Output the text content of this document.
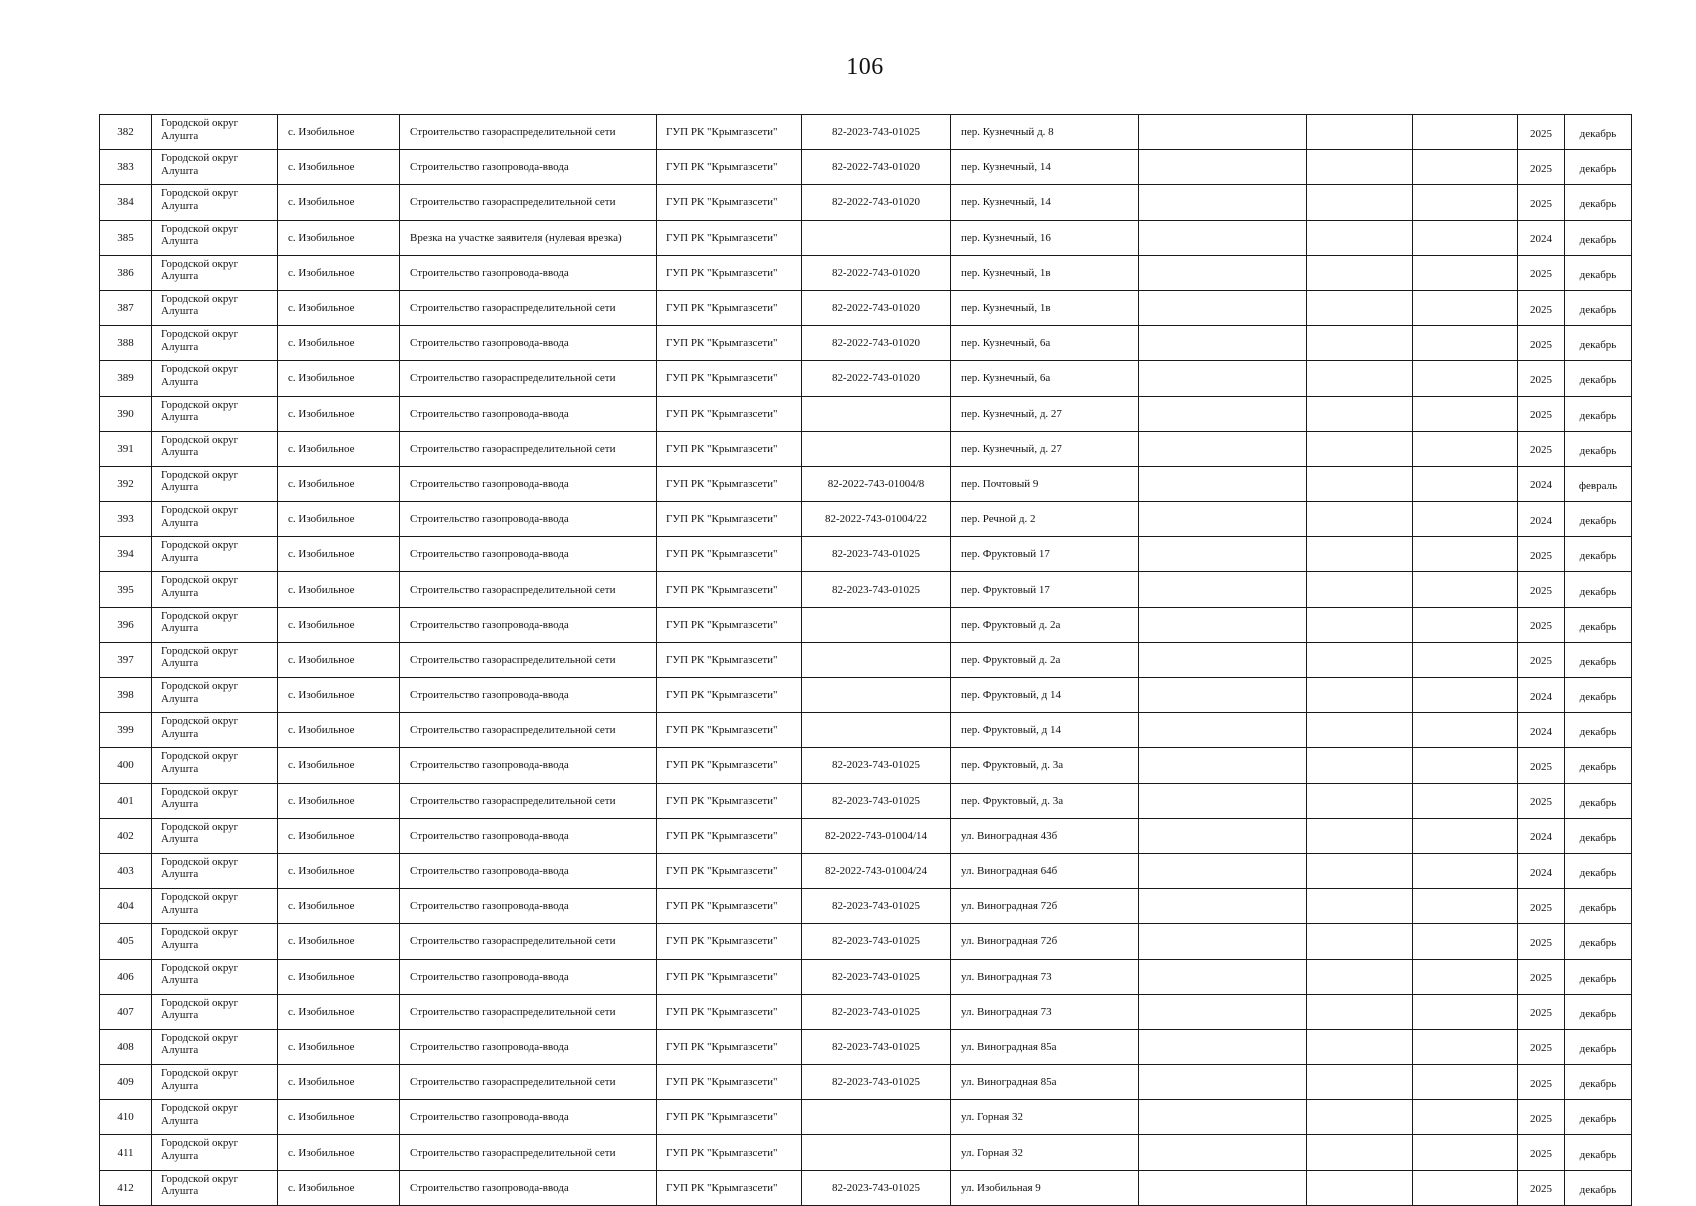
106
382	Городской округ Алушта	с. Изобильное	Строительство газораспределительной сети	ГУП РК "Крымгазсети"	82-2023-743-01025	пер. Кузнечный д. 8				2025	декабрь
383	Городской округ Алушта	с. Изобильное	Строительство газопровода-ввода	ГУП РК "Крымгазсети"	82-2022-743-01020	пер. Кузнечный, 14				2025	декабрь
384	Городской округ Алушта	с. Изобильное	Строительство газораспределительной сети	ГУП РК "Крымгазсети"	82-2022-743-01020	пер. Кузнечный, 14				2025	декабрь
385	Городской округ Алушта	с. Изобильное	Врезка на участке заявителя (нулевая врезка)	ГУП РК "Крымгазсети"		пер. Кузнечный, 16				2024	декабрь
386	Городской округ Алушта	с. Изобильное	Строительство газопровода-ввода	ГУП РК "Крымгазсети"	82-2022-743-01020	пер. Кузнечный, 1в				2025	декабрь
387	Городской округ Алушта	с. Изобильное	Строительство газораспределительной сети	ГУП РК "Крымгазсети"	82-2022-743-01020	пер. Кузнечный, 1в				2025	декабрь
388	Городской округ Алушта	с. Изобильное	Строительство газопровода-ввода	ГУП РК "Крымгазсети"	82-2022-743-01020	пер. Кузнечный, 6а				2025	декабрь
389	Городской округ Алушта	с. Изобильное	Строительство газораспределительной сети	ГУП РК "Крымгазсети"	82-2022-743-01020	пер. Кузнечный, 6а				2025	декабрь
390	Городской округ Алушта	с. Изобильное	Строительство газопровода-ввода	ГУП РК "Крымгазсети"		пер. Кузнечный, д. 27				2025	декабрь
391	Городской округ Алушта	с. Изобильное	Строительство газораспределительной сети	ГУП РК "Крымгазсети"		пер. Кузнечный, д. 27				2025	декабрь
392	Городской округ Алушта	с. Изобильное	Строительство газопровода-ввода	ГУП РК "Крымгазсети"	82-2022-743-01004/8	пер. Почтовый 9				2024	февраль
393	Городской округ Алушта	с. Изобильное	Строительство газопровода-ввода	ГУП РК "Крымгазсети"	82-2022-743-01004/22	пер. Речной д. 2				2024	декабрь
394	Городской округ Алушта	с. Изобильное	Строительство газопровода-ввода	ГУП РК "Крымгазсети"	82-2023-743-01025	пер. Фруктовый 17				2025	декабрь
395	Городской округ Алушта	с. Изобильное	Строительство газораспределительной сети	ГУП РК "Крымгазсети"	82-2023-743-01025	пер. Фруктовый 17				2025	декабрь
396	Городской округ Алушта	с. Изобильное	Строительство газопровода-ввода	ГУП РК "Крымгазсети"		пер. Фруктовый д. 2а				2025	декабрь
397	Городской округ Алушта	с. Изобильное	Строительство газораспределительной сети	ГУП РК "Крымгазсети"		пер. Фруктовый д. 2а				2025	декабрь
398	Городской округ Алушта	с. Изобильное	Строительство газопровода-ввода	ГУП РК "Крымгазсети"		пер. Фруктовый, д 14				2024	декабрь
399	Городской округ Алушта	с. Изобильное	Строительство газораспределительной сети	ГУП РК "Крымгазсети"		пер. Фруктовый, д 14				2024	декабрь
400	Городской округ Алушта	с. Изобильное	Строительство газопровода-ввода	ГУП РК "Крымгазсети"	82-2023-743-01025	пер. Фруктовый, д. 3а				2025	декабрь
401	Городской округ Алушта	с. Изобильное	Строительство газораспределительной сети	ГУП РК "Крымгазсети"	82-2023-743-01025	пер. Фруктовый, д. 3а				2025	декабрь
402	Городской округ Алушта	с. Изобильное	Строительство газопровода-ввода	ГУП РК "Крымгазсети"	82-2022-743-01004/14	ул. Виноградная 43б				2024	декабрь
403	Городской округ Алушта	с. Изобильное	Строительство газопровода-ввода	ГУП РК "Крымгазсети"	82-2022-743-01004/24	ул. Виноградная 64б				2024	декабрь
404	Городской округ Алушта	с. Изобильное	Строительство газопровода-ввода	ГУП РК "Крымгазсети"	82-2023-743-01025	ул. Виноградная 72б				2025	декабрь
405	Городской округ Алушта	с. Изобильное	Строительство газораспределительной сети	ГУП РК "Крымгазсети"	82-2023-743-01025	ул. Виноградная 72б				2025	декабрь
406	Городской округ Алушта	с. Изобильное	Строительство газопровода-ввода	ГУП РК "Крымгазсети"	82-2023-743-01025	ул. Виноградная 73				2025	декабрь
407	Городской округ Алушта	с. Изобильное	Строительство газораспределительной сети	ГУП РК "Крымгазсети"	82-2023-743-01025	ул. Виноградная 73				2025	декабрь
408	Городской округ Алушта	с. Изобильное	Строительство газопровода-ввода	ГУП РК "Крымгазсети"	82-2023-743-01025	ул. Виноградная 85а				2025	декабрь
409	Городской округ Алушта	с. Изобильное	Строительство газораспределительной сети	ГУП РК "Крымгазсети"	82-2023-743-01025	ул. Виноградная 85а				2025	декабрь
410	Городской округ Алушта	с. Изобильное	Строительство газопровода-ввода	ГУП РК "Крымгазсети"		ул. Горная 32				2025	декабрь
411	Городской округ Алушта	с. Изобильное	Строительство газораспределительной сети	ГУП РК "Крымгазсети"		ул. Горная 32				2025	декабрь
412	Городской округ Алушта	с. Изобильное	Строительство газопровода-ввода	ГУП РК "Крымгазсети"	82-2023-743-01025	ул. Изобильная 9				2025	декабрь
